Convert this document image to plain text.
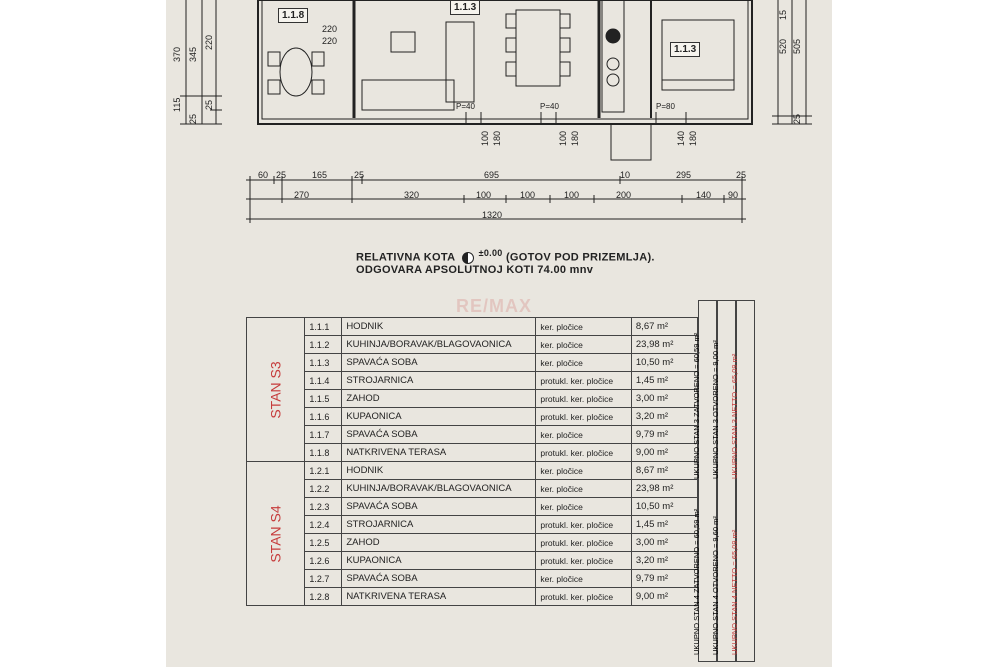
1.1.8
1.1.3
1.1.3
220
220
370
115
220
25
345
25
520 505
25
15
P=40	P=40	P=80
100 180	100 180	140 180
60 25	165	25	695	10	295	25
270	320	100	100	100	200	140 90
1320
RELATIVNA KOTA	$^{\pm 0.00}$ (GOTOV POD PRIZEMLJA).
ODGOVARA APSOLUTNOJ KOTI 74.00 mnv
RE/MAX
STAN S3	1.1.1	HODNIK	ker. pločice	8,67 m²
	1.1.2	KUHINJA/BORAVAK/BLAGOVAONICA	ker. pločice	23,98 m²
	1.1.3	SPAVAĆA SOBA	ker. pločice	10,50 m²
	1.1.4	STROJARNICA	protukl. ker. pločice	1,45 m²
	1.1.5	ZAHOD	protukl. ker. pločice	3,00 m²
	1.1.6	KUPAONICA	protukl. ker. pločice	3,20 m²
	1.1.7	SPAVAĆA SOBA	ker. pločice	9,79 m²
	1.1.8	NATKRIVENA TERASA	protukl. ker. pločice	9,00 m²
STAN S4	1.2.1	HODNIK	ker. pločice	8,67 m²
	1.2.2	KUHINJA/BORAVAK/BLAGOVAONICA	ker. pločice	23,98 m²
	1.2.3	SPAVAĆA SOBA	ker. pločice	10,50 m²
	1.2.4	STROJARNICA	protukl. ker. pločice	1,45 m²
	1.2.5	ZAHOD	protukl. ker. pločice	3,00 m²
	1.2.6	KUPAONICA	protukl. ker. pločice	3,20 m²
	1.2.7	SPAVAĆA SOBA	ker. pločice	9,79 m²
	1.2.8	NATKRIVENA TERASA	protukl. ker. pločice	9,00 m²
UKUPNO STAN 3 ZATVORENO = 60,59 m²
UKUPNO STAN 4 ZATVORENO = 60,59 m²
UKUPNO STAN 3 OTVORENO = 9,00 m²
UKUPNO STAN 4 OTVORENO = 9,60 m²
UKUPNO STAN 3 NETTO = 65,09 m²
UKUPNO STAN 4 NETTO = 65,09 m²
